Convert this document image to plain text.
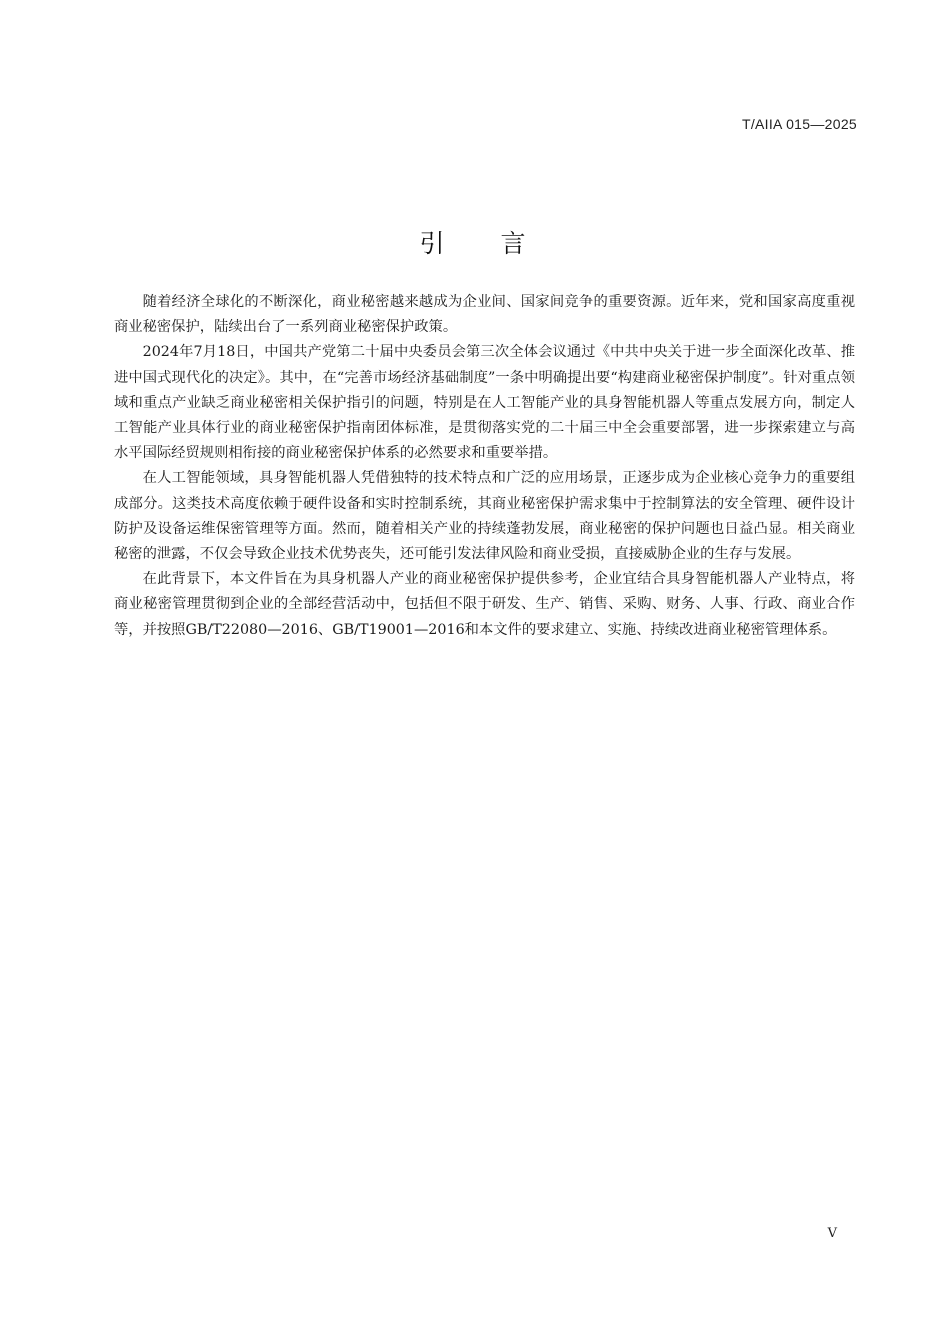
T/AIIA 015—2025
引言

随着经济全球化的不断深化，商业秘密越来越成为企业间、国家间竞争的重要资源。近年来，党和国家高度重视商业秘密保护，陆续出台了一系列商业秘密保护政策。

2024年7月18日，中国共产党第二十届中央委员会第三次全体会议通过《中共中央关于进一步全面深化改革、推进中国式现代化的决定》。其中，在“完善市场经济基础制度”一条中明确提出要“构建商业秘密保护制度”。针对重点领域和重点产业缺乏商业秘密相关保护指引的问题，特别是在人工智能产业的具身智能机器人等重点发展方向，制定人工智能产业具体行业的商业秘密保护指南团体标准，是贯彻落实党的二十届三中全会重要部署，进一步探索建立与高水平国际经贸规则相衔接的商业秘密保护体系的必然要求和重要举措。

在人工智能领域，具身智能机器人凭借独特的技术特点和广泛的应用场景，正逐步成为企业核心竞争力的重要组成部分。这类技术高度依赖于硬件设备和实时控制系统，其商业秘密保护需求集中于控制算法的安全管理、硬件设计防护及设备运维保密管理等方面。然而，随着相关产业的持续蓬勃发展，商业秘密的保护问题也日益凸显。相关商业秘密的泄露，不仅会导致企业技术优势丧失，还可能引发法律风险和商业受损，直接威胁企业的生存与发展。

在此背景下，本文件旨在为具身机器人产业的商业秘密保护提供参考，企业宜结合具身智能机器人产业特点，将商业秘密管理贯彻到企业的全部经营活动中，包括但不限于研发、生产、销售、采购、财务、人事、行政、商业合作等，并按照GB/T22080—2016、GB/T19001—2016和本文件的要求建立、实施、持续改进商业秘密管理体系。

V
